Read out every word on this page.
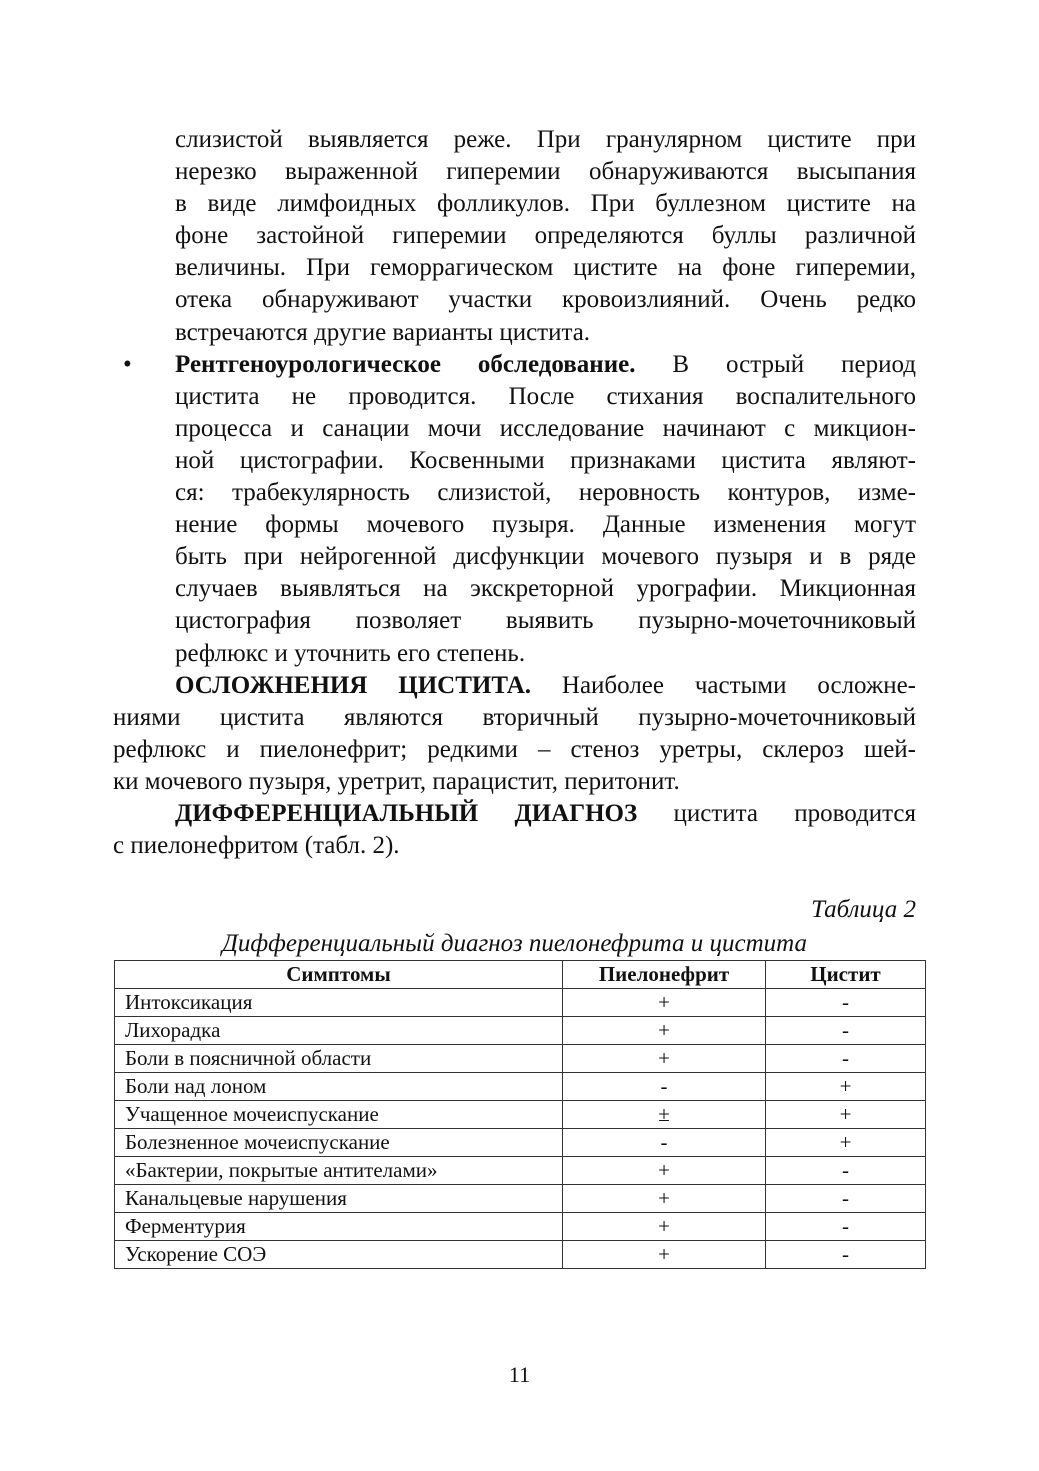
слизистой выявляется реже. При гранулярном цистите при
нерезко выраженной гиперемии обнаруживаются высыпания
в виде лимфоидных фолликулов. При буллезном цистите на
фоне застойной гиперемии определяются буллы различной
величины. При геморрагическом цистите на фоне гиперемии,
отека обнаруживают участки кровоизлияний. Очень редко
встречаются другие варианты цистита.
• Рентгеноурологическое обследование. В острый период
цистита не проводится. После стихания воспалительного
процесса и санации мочи исследование начинают с микцион-
ной цистографии. Косвенными признаками цистита являют-
ся: трабекулярность слизистой, неровность контуров, изме-
нение формы мочевого пузыря. Данные изменения могут
быть при нейрогенной дисфункции мочевого пузыря и в ряде
случаев выявляться на экскреторной урографии. Микционная
цистография позволяет выявить пузырно-мочеточниковый
рефлюкс и уточнить его степень.
ОСЛОЖНЕНИЯ ЦИСТИТА. Наиболее частыми осложне-
ниями цистита являются вторичный пузырно-мочеточниковый
рефлюкс и пиелонефрит; редкими – стеноз уретры, склероз шей-
ки мочевого пузыря, уретрит, парацистит, перитонит.
ДИФФЕРЕНЦИАЛЬНЫЙ ДИАГНОЗ цистита проводится
с пиелонефритом (табл. 2).
Таблица 2
Дифференциальный диагноз пиелонефрита и цистита
Симптомы	Пиелонефрит	Цистит
Интоксикация	+	-
Лихорадка	+	-
Боли в поясничной области	+	-
Боли над лоном	-	+
Учащенное мочеиспускание	±	+
Болезненное мочеиспускание	-	+
«Бактерии, покрытые антителами»	+	-
Канальцевые нарушения	+	-
Ферментурия	+	-
Ускорение СОЭ	+	-
11
